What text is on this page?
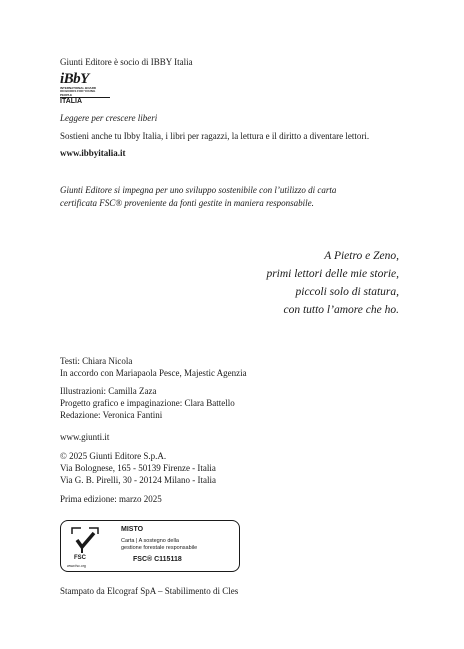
Giunti Editore è socio di IBBY Italia
iBbY
INTERNATIONAL BOARD ON BOOKS FOR YOUNG PEOPLE
ITALIA
Leggere per crescere liberi
Sostieni anche tu Ibby Italia, i libri per ragazzi, la lettura e il diritto a diventare lettori.
www.ibbyitalia.it
Giunti Editore si impegna per uno sviluppo sostenibile con l’utilizzo di carta
certificata FSC® proveniente da fonti gestite in maniera responsabile.
A Pietro e Zeno,
primi lettori delle mie storie,
piccoli solo di statura,
con tutto l’amore che ho.
Testi: Chiara Nicola
In accordo con Mariapaola Pesce, Majestic Agenzia
Illustrazioni: Camilla Zaza
Progetto grafico e impaginazione: Clara Battello
Redazione: Veronica Fantini
www.giunti.it
© 2025 Giunti Editore S.p.A.
Via Bolognese, 165 - 50139 Firenze - Italia
Via G. B. Pirelli, 30 - 20124 Milano - Italia
Prima edizione: marzo 2025
FSC
www.fsc.org
MISTO
Carta | A sostegno della
gestione forestale responsabile
FSC® C115118
Stampato da Elcograf SpA – Stabilimento di Cles
